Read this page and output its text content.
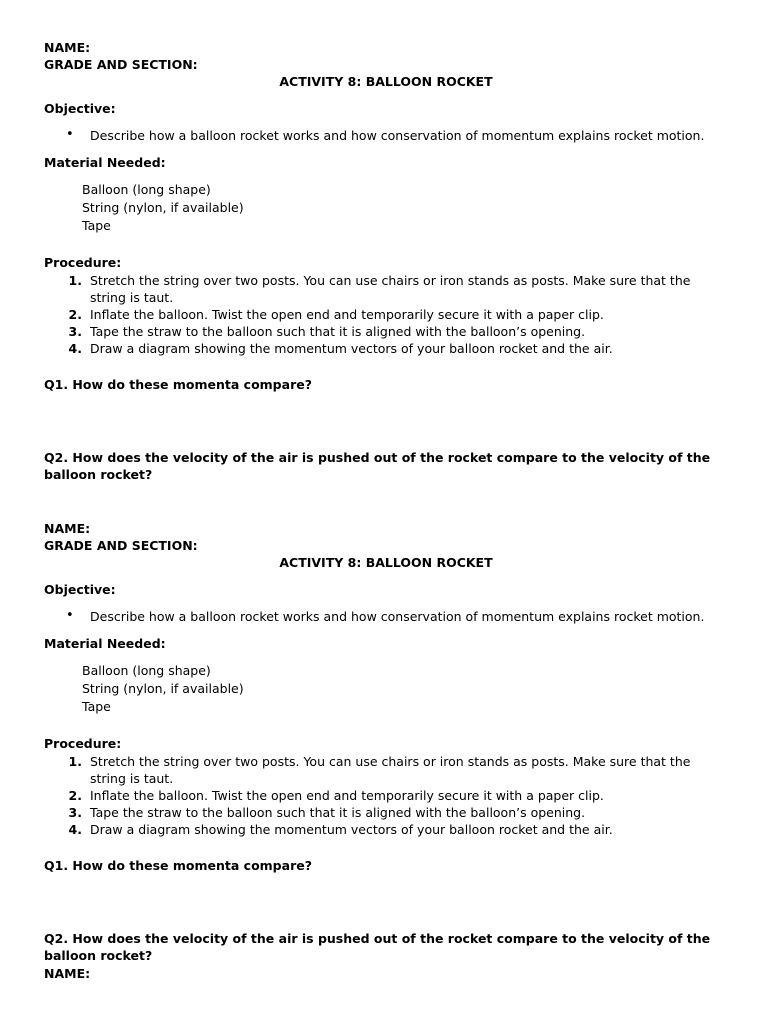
NAME:
GRADE AND SECTION:
ACTIVITY 8: BALLOON ROCKET
Objective:
• Describe how a balloon rocket works and how conservation of momentum explains rocket motion.
Material Needed:
Balloon (long shape)
String (nylon, if available)
Tape
Procedure:
1. Stretch the string over two posts. You can use chairs or iron stands as posts. Make sure that the
string is taut.
2. Inflate the balloon. Twist the open end and temporarily secure it with a paper clip.
3. Tape the straw to the balloon such that it is aligned with the balloon’s opening.
4. Draw a diagram showing the momentum vectors of your balloon rocket and the air.
Q1. How do these momenta compare?
Q2. How does the velocity of the air is pushed out of the rocket compare to the velocity of the
balloon rocket?
NAME:
GRADE AND SECTION:
ACTIVITY 8: BALLOON ROCKET
Objective:
• Describe how a balloon rocket works and how conservation of momentum explains rocket motion.
Material Needed:
Balloon (long shape)
String (nylon, if available)
Tape
Procedure:
1. Stretch the string over two posts. You can use chairs or iron stands as posts. Make sure that the
string is taut.
2. Inflate the balloon. Twist the open end and temporarily secure it with a paper clip.
3. Tape the straw to the balloon such that it is aligned with the balloon’s opening.
4. Draw a diagram showing the momentum vectors of your balloon rocket and the air.
Q1. How do these momenta compare?
Q2. How does the velocity of the air is pushed out of the rocket compare to the velocity of the
balloon rocket?
NAME:
